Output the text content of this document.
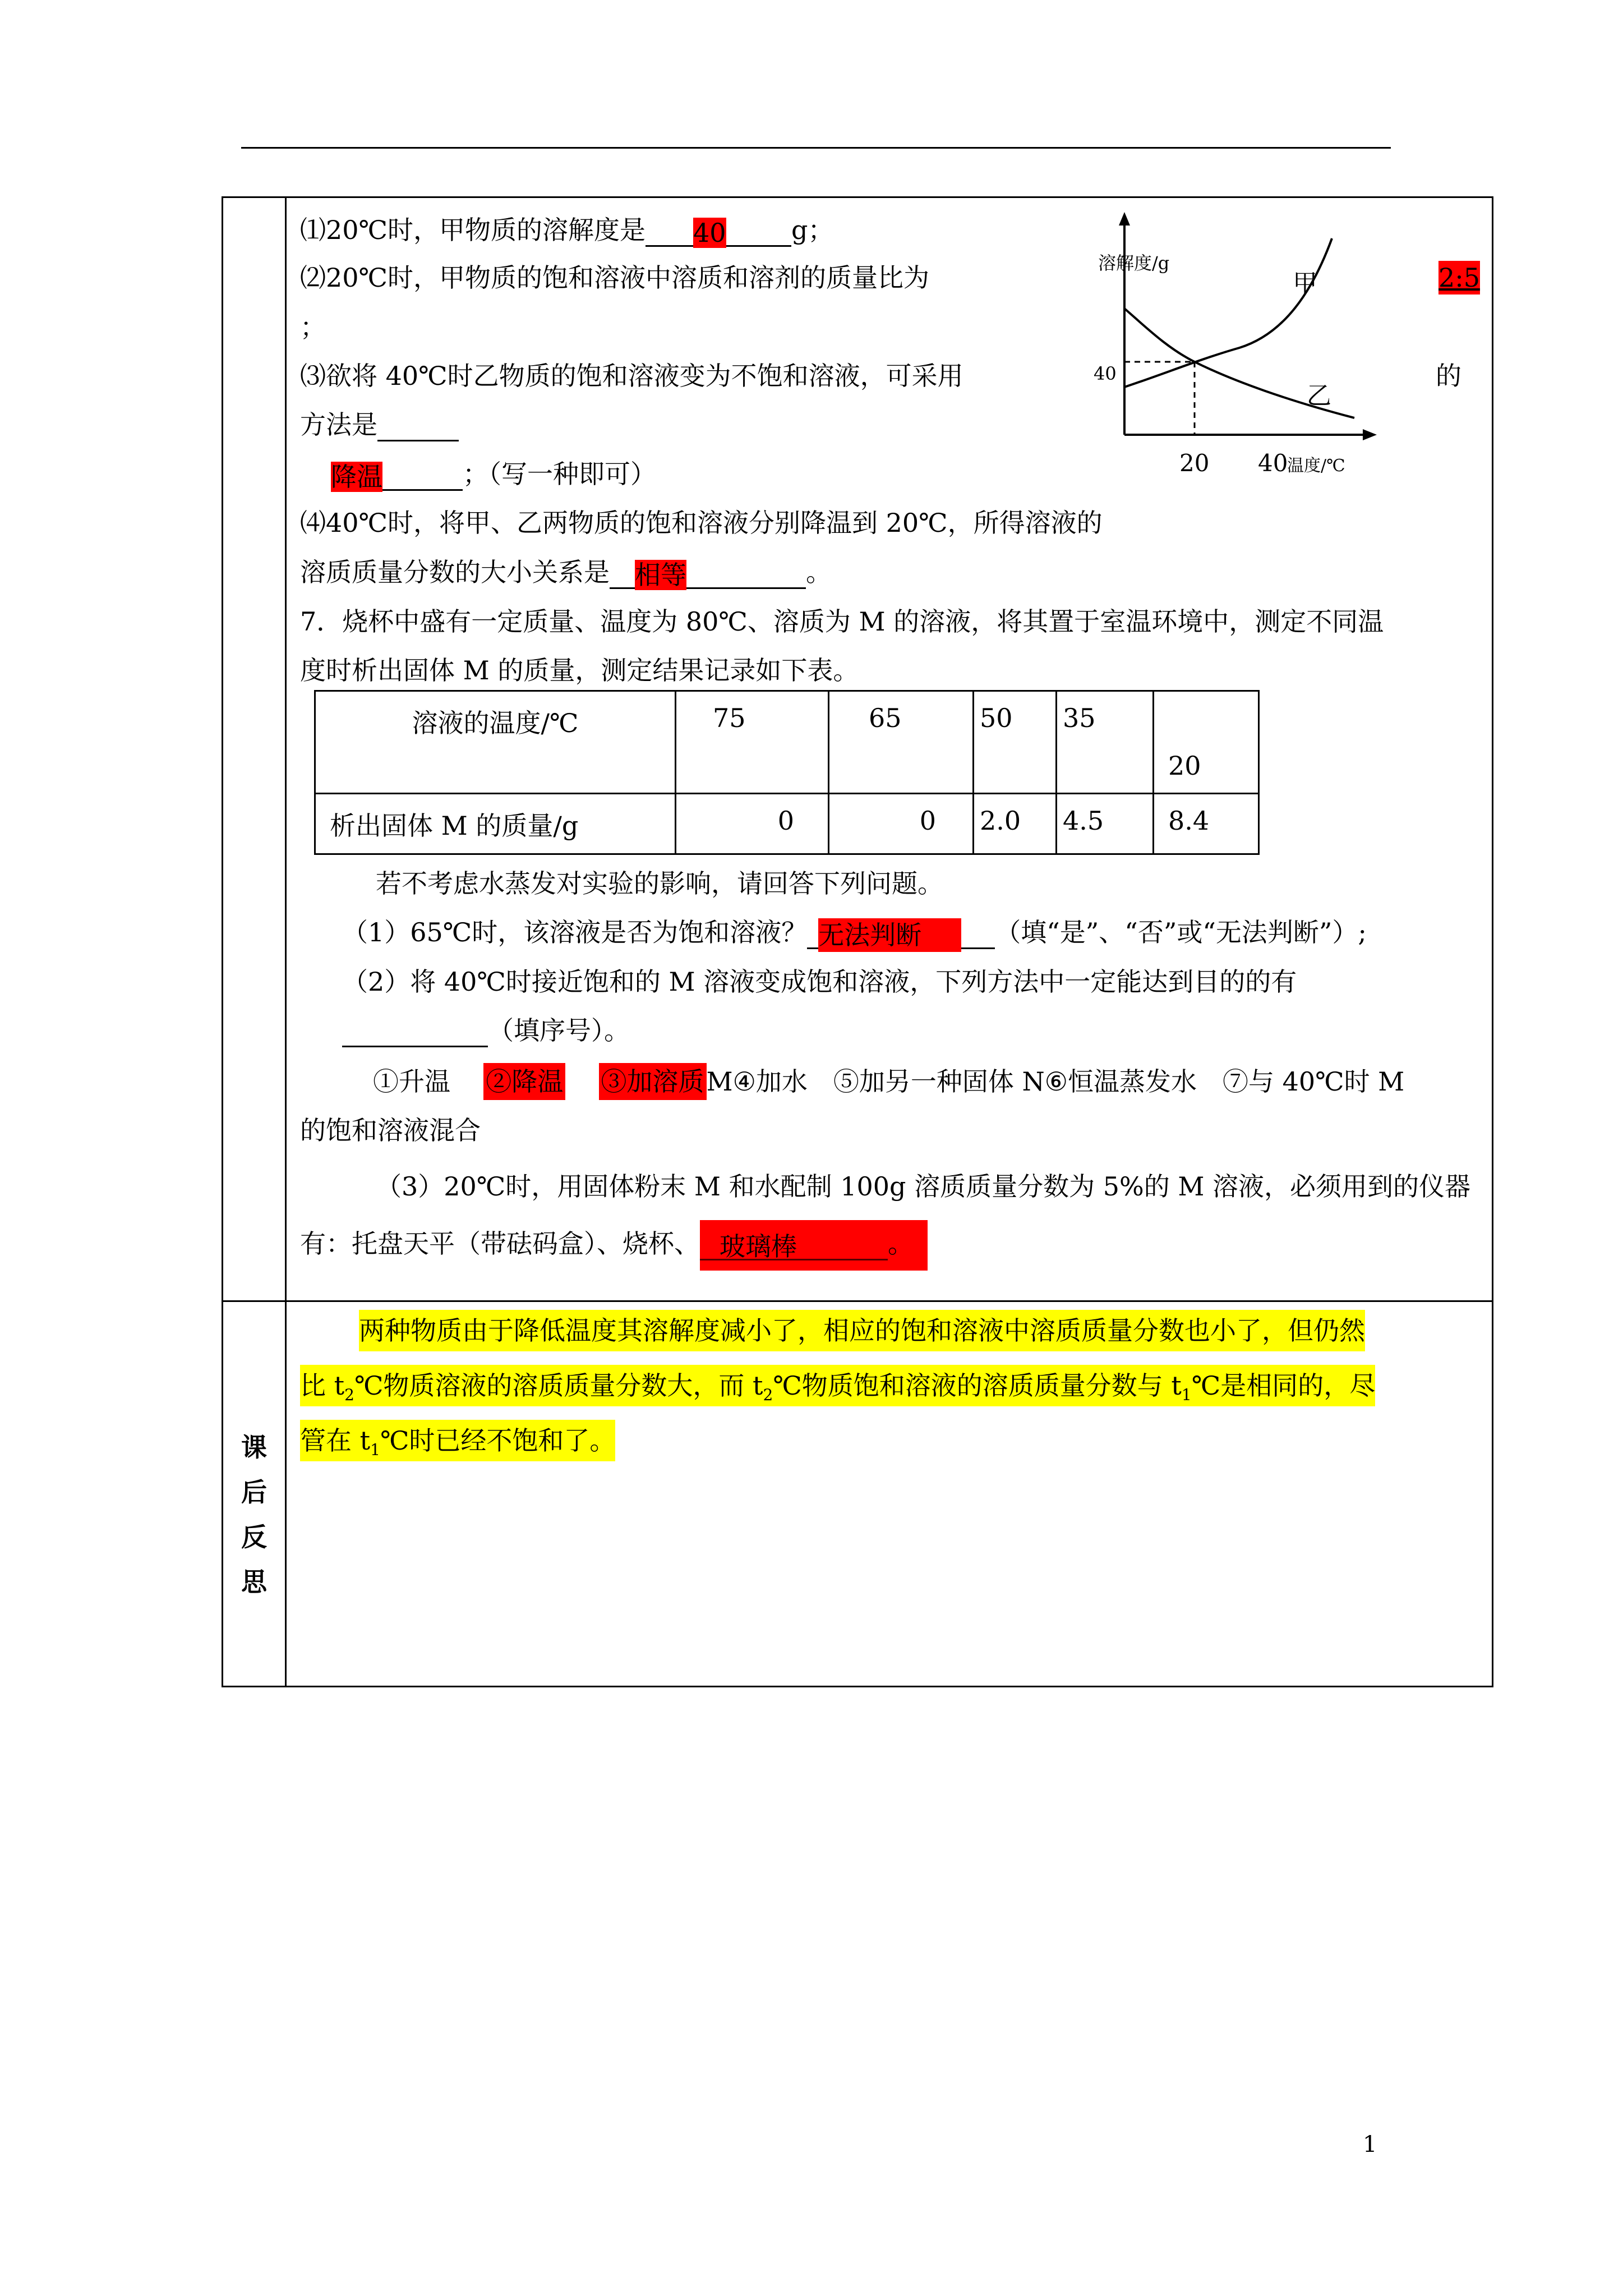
⑴20℃时，甲物质的溶解度是 40	g；
⑵20℃时，甲物质的饱和溶液中溶质和溶剂的质量比为	2:5
；
⑶欲将 40℃时乙物质的饱和溶液变为不饱和溶液，可采用	的
方法是
降温	；（写一种即可）
⑷40℃时，将甲、乙两物质的饱和溶液分别降温到 20℃，所得溶液的
溶质质量分数的大小关系是 相等	。
溶解度/g
40
20 40
温度/℃
甲
乙
7．烧杯中盛有一定质量、温度为 80℃、溶质为 M 的溶液，将其置于室温环境中，测定不同温
度时析出固体 M 的质量，测定结果记录如下表。
溶液的温度/℃	75	65	50	35	20
析出固体 M 的质量/g	0	0	2.0	4.5	8.4
若不考虑水蒸发对实验的影响，请回答下列问题。
（1）65℃时，该溶液是否为饱和溶液？ 无法判断	（填“是”、“否”或“无法判断”）;
（2）将 40℃时接近饱和的 M 溶液变成饱和溶液，下列方法中一定能达到目的的有
（填序号）。
①升温 ②降温 ③加溶质M④加水　⑤加另一种固体 N⑥恒温蒸发水　⑦与 40℃时 M
的饱和溶液混合
（3）20℃时，用固体粉末 M 和水配制 100g 溶质质量分数为 5%的 M 溶液，必须用到的仪器
有：托盘天平（带砝码盒）、烧杯、 玻璃棒	。
课
后
反
思
两种物质由于降低温度其溶解度减小了，相应的饱和溶液中溶质质量分数也小了，但仍然
比 $t_2℃$物质溶液的溶质质量分数大，而 $t_2℃$物质饱和溶液的溶质质量分数与 $t_1℃$是相同的，尽
管在 $t_1℃$时已经不饱和了。
1
